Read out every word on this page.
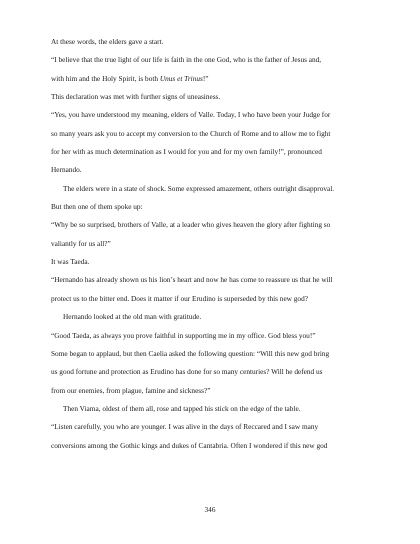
At these words, the elders gave a start.
“I believe that the true light of our life is faith in the one God, who is the father of Jesus and,
with him and the Holy Spirit, is both Unus et Trinus!”
This declaration was met with further signs of uneasiness.
“Yes, you have understood my meaning, elders of Valle. Today, I who have been your Judge for
so many years ask you to accept my conversion to the Church of Rome and to allow me to fight
for her with as much determination as I would for you and for my own family!”, pronounced
Hernando.
The elders were in a state of shock. Some expressed amazement, others outright disapproval.
But then one of them spoke up:
“Why be so surprised, brothers of Valle, at a leader who gives heaven the glory after fighting so
valiantly for us all?”
It was Taeda.
“Hernando has already shown us his lion’s heart and now he has come to reassure us that he will
protect us to the bitter end. Does it matter if our Erudino is superseded by this new god?
Hernando looked at the old man with gratitude.
“Good Taeda, as always you prove faithful in supporting me in my office. God bless you!”
Some began to applaud, but then Caelia asked the following question: “Will this new god bring
us good fortune and protection as Erudino has done for so many centuries? Will he defend us
from our enemies, from plague, famine and sickness?”
Then Viama, oldest of them all, rose and tapped his stick on the edge of the table.
“Listen carefully, you who are younger. I was alive in the days of Reccared and I saw many
conversions among the Gothic kings and dukes of Cantabria. Often I wondered if this new god
346
